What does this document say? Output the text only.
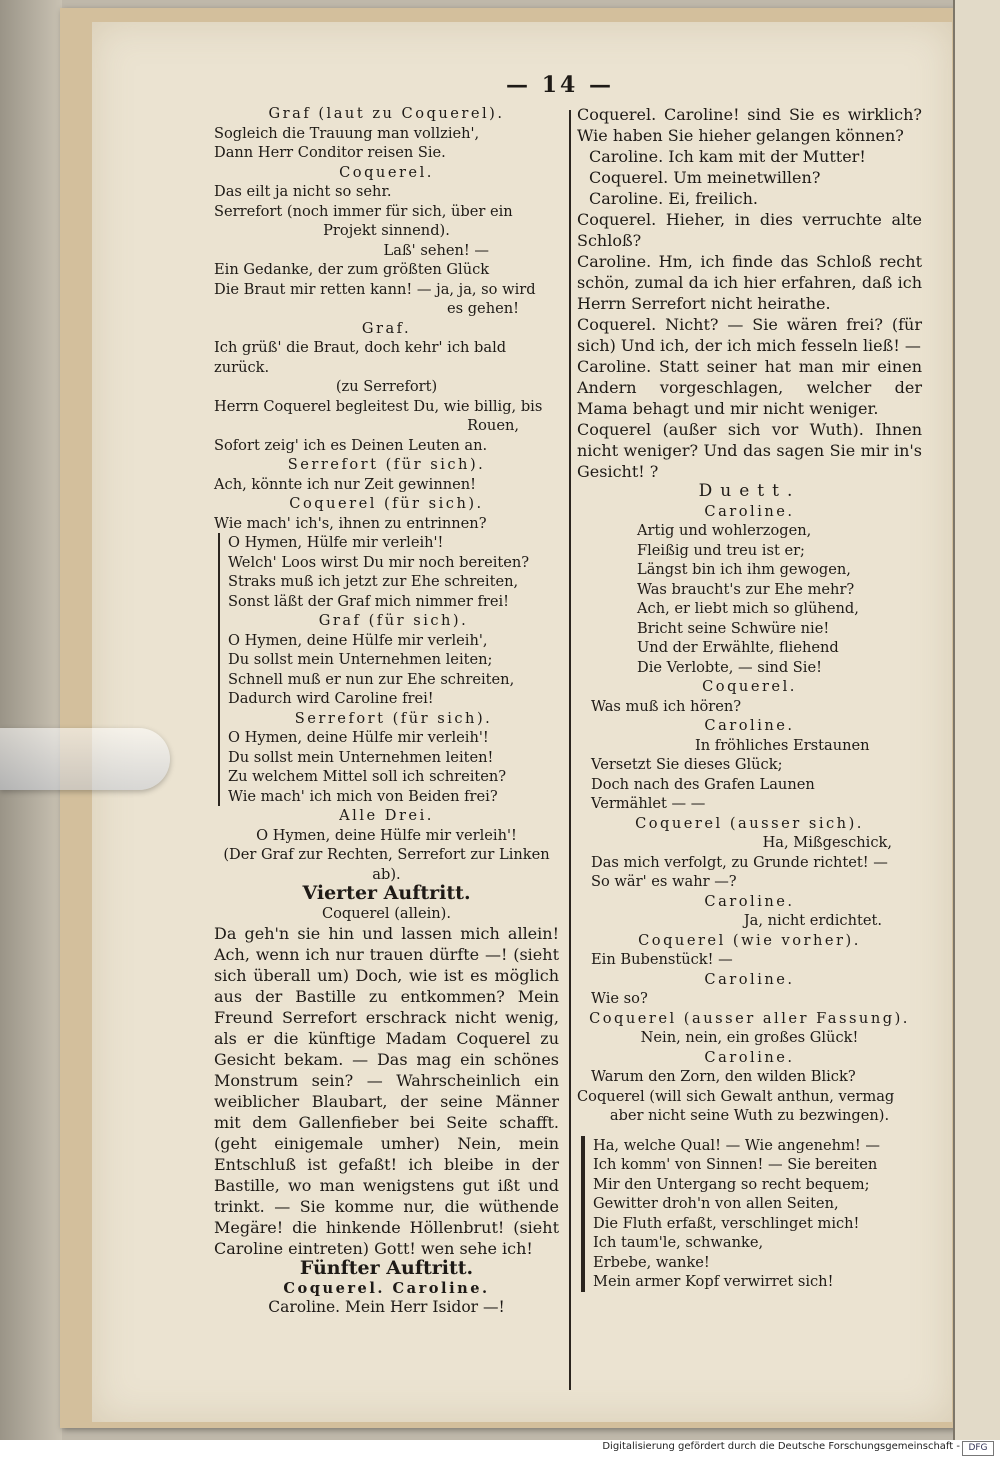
— 14 —

Graf (laut zu Coquerel).

Sogleich die Trauung man vollzieh',

Dann Herr Conditor reisen Sie.

Coquerel.

Das eilt ja nicht so sehr.

Serrefort (noch immer für sich, über ein

Projekt sinnend).

Laß' sehen! —

Ein Gedanke, der zum größten Glück

Die Braut mir retten kann! — ja, ja, so wird

es gehen!

Graf.

Ich grüß' die Braut, doch kehr' ich bald zurück.

(zu Serrefort)

Herrn Coquerel begleitest Du, wie billig, bis

Rouen,

Sofort zeig' ich es Deinen Leuten an.

Serrefort (für sich).

Ach, könnte ich nur Zeit gewinnen!

Coquerel (für sich).

Wie mach' ich's, ihnen zu entrinnen?

O Hymen, Hülfe mir verleih'!

Welch' Loos wirst Du mir noch bereiten?

Straks muß ich jetzt zur Ehe schreiten,

Sonst läßt der Graf mich nimmer frei!

Graf (für sich).

O Hymen, deine Hülfe mir verleih',

Du sollst mein Unternehmen leiten;

Schnell muß er nun zur Ehe schreiten,

Dadurch wird Caroline frei!

Serrefort (für sich).

O Hymen, deine Hülfe mir verleih'!

Du sollst mein Unternehmen leiten!

Zu welchem Mittel soll ich schreiten?

Wie mach' ich mich von Beiden frei?

Alle Drei.

O Hymen, deine Hülfe mir verleih'!

(Der Graf zur Rechten, Serrefort zur Linken ab).

Vierter Auftritt.

Coquerel (allein).

Da geh'n sie hin und lassen mich allein! Ach, wenn ich nur trauen dürfte —! (sieht sich überall um) Doch, wie ist es möglich aus der Bastille zu entkommen? Mein Freund Serrefort erschrack nicht wenig, als er die künftige Madam Coquerel zu Gesicht bekam. — Das mag ein schönes Monstrum sein? — Wahrscheinlich ein weiblicher Blaubart, der seine Männer mit dem Gallenfieber bei Seite schafft. (geht einigemale umher) Nein, mein Entschluß ist gefaßt! ich bleibe in der Bastille, wo man wenigstens gut ißt und trinkt. — Sie komme nur, die wüthende Megäre! die hinkende Höllenbrut! (sieht Caroline eintreten) Gott! wen sehe ich!

Fünfter Auftritt.

Coquerel. Caroline.

Caroline. Mein Herr Isidor —!

Coquerel. Caroline! sind Sie es wirklich? Wie haben Sie hieher gelangen können?

Caroline. Ich kam mit der Mutter!

Coquerel. Um meinetwillen?

Caroline. Ei, freilich.

Coquerel. Hieher, in dies verruchte alte Schloß?

Caroline. Hm, ich finde das Schloß recht schön, zumal da ich hier erfahren, daß ich Herrn Serrefort nicht heirathe.

Coquerel. Nicht? — Sie wären frei? (für sich) Und ich, der ich mich fesseln ließ! —

Caroline. Statt seiner hat man mir einen Andern vorgeschlagen, welcher der Mama behagt und mir nicht weniger.

Coquerel (außer sich vor Wuth). Ihnen nicht weniger? Und das sagen Sie mir in's Gesicht! ?

Duett.

Caroline.

Artig und wohlerzogen,

Fleißig und treu ist er;

Längst bin ich ihm gewogen,

Was braucht's zur Ehe mehr?

Ach, er liebt mich so glühend,

Bricht seine Schwüre nie!

Und der Erwählte, fliehend

Die Verlobte, — sind Sie!

Coquerel.

Was muß ich hören?

Caroline.

In fröhliches Erstaunen

Versetzt Sie dieses Glück;

Doch nach des Grafen Launen

Vermählet — —

Coquerel (ausser sich).

Ha, Mißgeschick,

Das mich verfolgt, zu Grunde richtet! —

So wär' es wahr —?

Caroline.

Ja, nicht erdichtet.

Coquerel (wie vorher).

Ein Bubenstück! —

Caroline.

Wie so?

Coquerel (ausser aller Fassung).

Nein, nein, ein großes Glück!

Caroline.

Warum den Zorn, den wilden Blick?

Coquerel (will sich Gewalt anthun, vermag

aber nicht seine Wuth zu bezwingen).

Ha, welche Qual! — Wie angenehm! —

Ich komm' von Sinnen! — Sie bereiten

Mir den Untergang so recht bequem;

Gewitter droh'n von allen Seiten,

Die Fluth erfaßt, verschlinget mich!

Ich taum'le, schwanke,

Erbebe, wanke!

Mein armer Kopf verwirret sich!

Digitalisierung gefördert durch die Deutsche Forschungsgemeinschaft - DFG
